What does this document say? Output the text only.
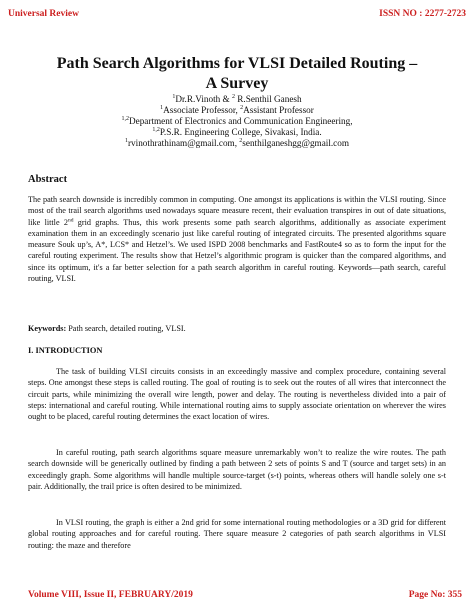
Universal Review	ISSN NO : 2277-2723
Path Search Algorithms for VLSI Detailed Routing –
A Survey
$^1$Dr.R.Vinoth & $^2$ R.Senthil Ganesh
$^1$Associate Professor, $^2$Assistant Professor
$^{1,2}$Department of Electronics and Communication Engineering,
$^{1,2}$P.S.R. Engineering College, Sivakasi, India.
$^1$rvinothrathinam@gmail.com, $^2$senthilganeshgg@gmail.com
Abstract
The path search downside is incredibly common in computing. One amongst its applications is within the VLSI routing. Since most of the trail search algorithms used nowadays square measure recent, their evaluation transpires in out of date situations, like little 2nd grid graphs. Thus, this work presents some path search algorithms, additionally as associate experiment examination them in an exceedingly scenario just like careful routing of integrated circuits. The presented algorithms square measure Souk up’s, A*, LCS* and Hetzel’s. We used ISPD 2008 benchmarks and FastRoute4 so as to form the input for the careful routing experiment. The results show that Hetzel’s algorithmic program is quicker than the compared algorithms, and since its optimum, it's a far better selection for a path search algorithm in careful routing. Keywords—path search, careful routing, VLSI.
Keywords: Path search, detailed routing, VLSI.
I. INTRODUCTION
The task of building VLSI circuits consists in an exceedingly massive and complex procedure, containing several steps. One amongst these steps is called routing. The goal of routing is to seek out the routes of all wires that interconnect the circuit parts, while minimizing the overall wire length, power and delay. The routing is nevertheless divided into a pair of steps: international and careful routing. While international routing aims to supply associate orientation on wherever the wires ought to be placed, careful routing determines the exact location of wires.
In careful routing, path search algorithms square measure unremarkably won’t to realize the wire routes. The path search downside will be generically outlined by finding a path between 2 sets of points S and T (source and target sets) in an exceedingly graph. Some algorithms will handle multiple source-target (s-t) points, whereas others will handle solely one s-t pair. Additionally, the trail price is often desired to be minimized.
In VLSI routing, the graph is either a 2nd grid for some international routing methodologies or a 3D grid for different global routing approaches and for careful routing. There square measure 2 categories of path search algorithms in VLSI routing: the maze and therefore
Volume VIII, Issue II, FEBRUARY/2019	Page No: 355
